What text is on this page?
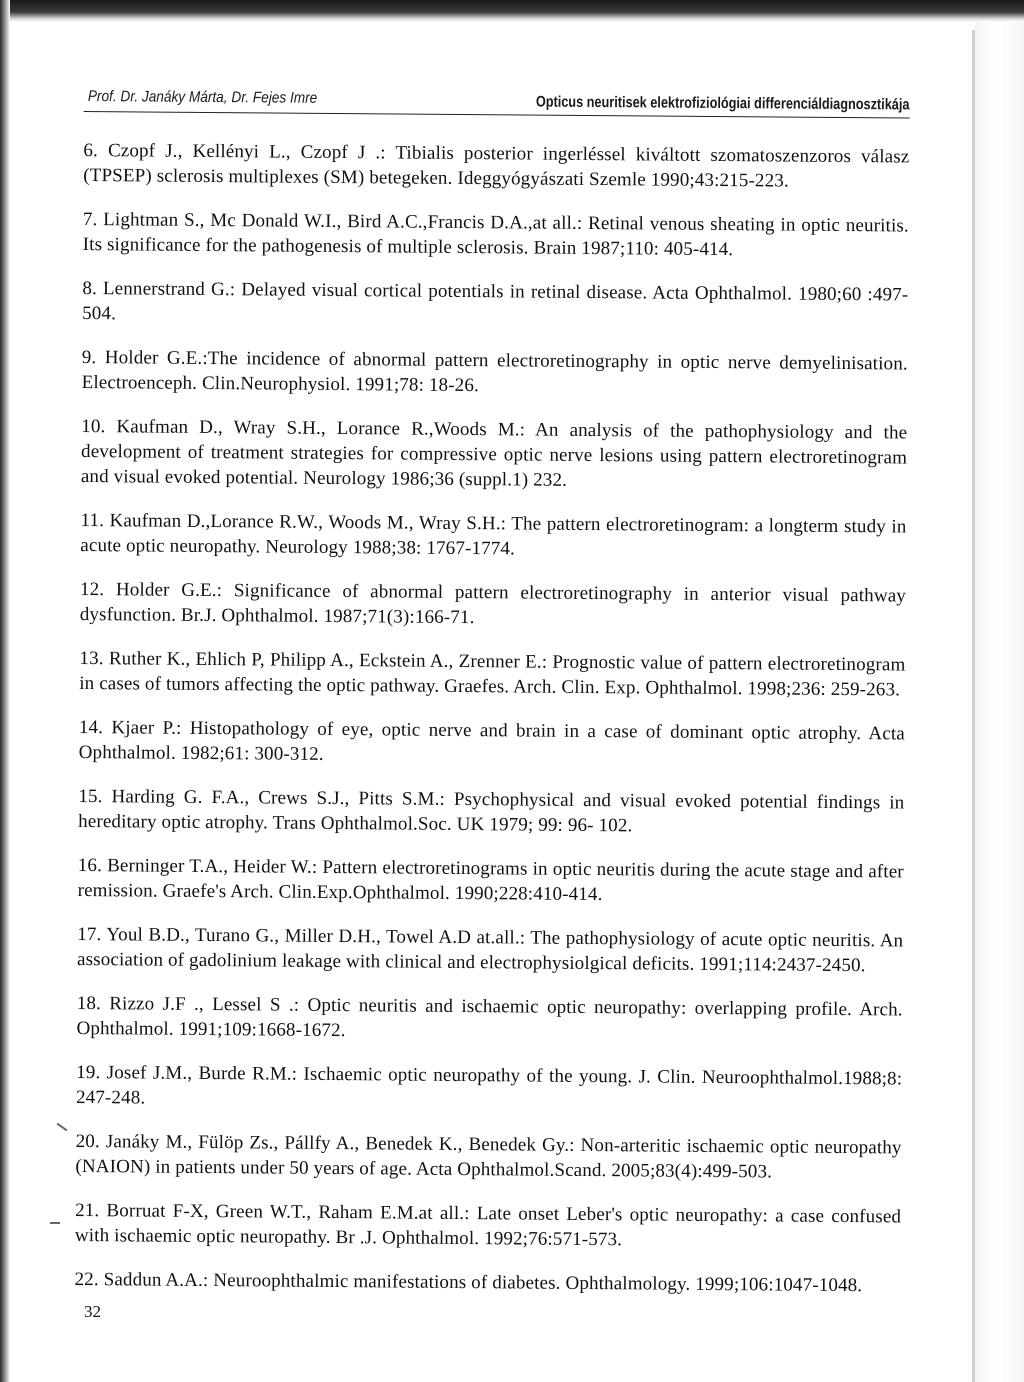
Prof. Dr. Janáky Márta, Dr. Fejes Imre	Opticus neuritisek elektrofiziológiai differenciáldiagnosztikája

6. Czopf J., Kellényi L., Czopf J .: Tibialis posterior ingerléssel kiváltott szomatoszenzoros válasz (TPSEP) sclerosis multiplexes (SM) betegeken. Ideggyógyászati Szemle 1990;43:215-223.

7. Lightman S., Mc Donald W.I., Bird A.C.,Francis D.A.,at all.: Retinal venous sheating in optic neuritis. Its significance for the pathogenesis of multiple sclerosis. Brain 1987;110: 405-414.

8. Lennerstrand G.: Delayed visual cortical potentials in retinal disease. Acta Ophthalmol. 1980;60 :497-504.

9. Holder G.E.:The incidence of abnormal pattern electroretinography in optic nerve demyelinisation. Electroenceph. Clin.Neurophysiol. 1991;78: 18-26.

10. Kaufman D., Wray S.H., Lorance R.,Woods M.: An analysis of the pathophysiology and the development of treatment strategies for compressive optic nerve lesions using pattern electroretinogram and visual evoked potential. Neurology 1986;36 (suppl.1) 232.

11. Kaufman D.,Lorance R.W., Woods M., Wray S.H.: The pattern electroretinogram: a longterm study in acute optic neuropathy. Neurology 1988;38: 1767-1774.

12. Holder G.E.: Significance of abnormal pattern electroretinography in anterior visual pathway dysfunction. Br.J. Ophthalmol. 1987;71(3):166-71.

13. Ruther K., Ehlich P, Philipp A., Eckstein A., Zrenner E.: Prognostic value of pattern electroretinogram in cases of tumors affecting the optic pathway. Graefes. Arch. Clin. Exp. Ophthalmol. 1998;236: 259-263.

14. Kjaer P.: Histopathology of eye, optic nerve and brain in a case of dominant optic atrophy. Acta Ophthalmol. 1982;61: 300-312.

15. Harding G. F.A., Crews S.J., Pitts S.M.: Psychophysical and visual evoked potential findings in hereditary optic atrophy. Trans Ophthalmol.Soc. UK 1979; 99: 96- 102.

16. Berninger T.A., Heider W.: Pattern electroretinograms in optic neuritis during the acute stage and after remission. Graefe's Arch. Clin.Exp.Ophthalmol. 1990;228:410-414.

17. Youl B.D., Turano G., Miller D.H., Towel A.D at.all.: The pathophysiology of acute optic neuritis. An association of gadolinium leakage with clinical and electrophysiolgical deficits. 1991;114:2437-2450.

18. Rizzo J.F ., Lessel S .: Optic neuritis and ischaemic optic neuropathy: overlapping profile. Arch. Ophthalmol. 1991;109:1668-1672.

19. Josef J.M., Burde R.M.: Ischaemic optic neuropathy of the young. J. Clin. Neuroophthalmol.1988;8: 247-248.

20. Janáky M., Fülöp Zs., Pállfy A., Benedek K., Benedek Gy.: Non-arteritic ischaemic optic neuropathy (NAION) in patients under 50 years of age. Acta Ophthalmol.Scand. 2005;83(4):499-503.

21. Borruat F-X, Green W.T., Raham E.M.at all.: Late onset Leber's optic neuropathy: a case confused with ischaemic optic neuropathy. Br .J. Ophthalmol. 1992;76:571-573.

22. Saddun A.A.: Neuroophthalmic manifestations of diabetes. Ophthalmology. 1999;106:1047-1048.

32
